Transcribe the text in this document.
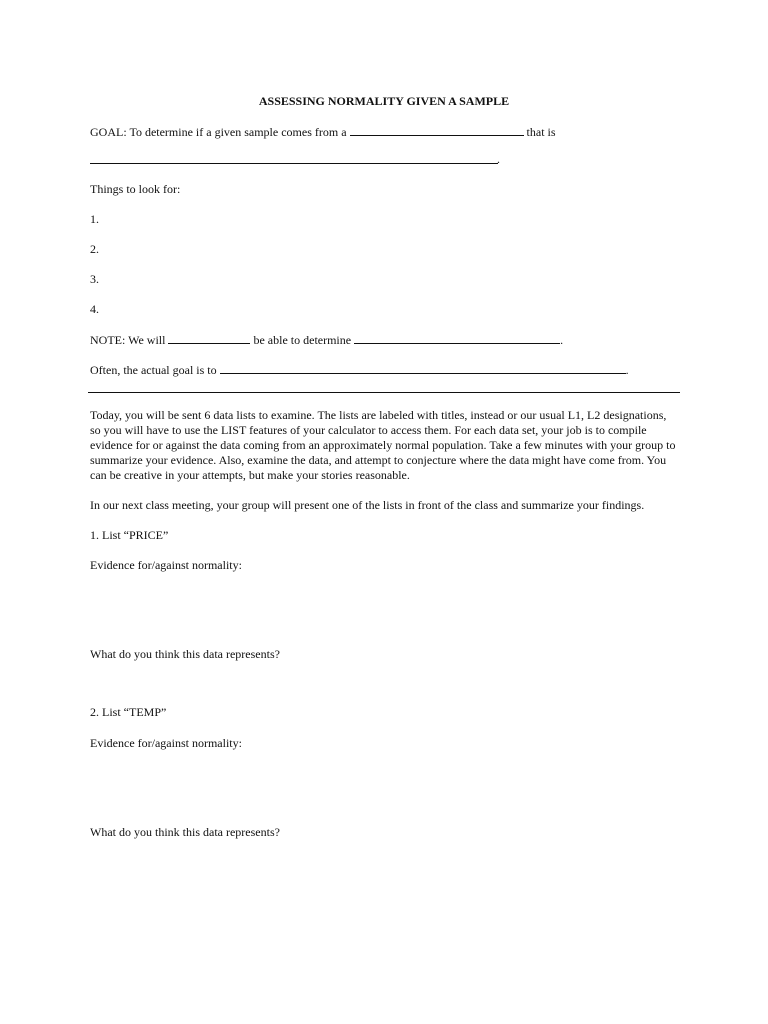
ASSESSING NORMALITY GIVEN A SAMPLE
GOAL: To determine if a given sample comes from a	that is
.
Things to look for:
1.
2.
3.
4.
NOTE: We will	be able to determine	.
Often, the actual goal is to	.
Today, you will be sent 6 data lists to examine. The lists are labeled with titles, instead or our usual L1, L2 designations, so you will have to use the LIST features of your calculator to access them. For each data set, your job is to compile evidence for or against the data coming from an approximately normal population. Take a few minutes with your group to summarize your evidence. Also, examine the data, and attempt to conjecture where the data might have come from. You can be creative in your attempts, but make your stories reasonable.
In our next class meeting, your group will present one of the lists in front of the class and summarize your findings.
1. List “PRICE”
Evidence for/against normality:
What do you think this data represents?
2. List “TEMP”
Evidence for/against normality:
What do you think this data represents?
